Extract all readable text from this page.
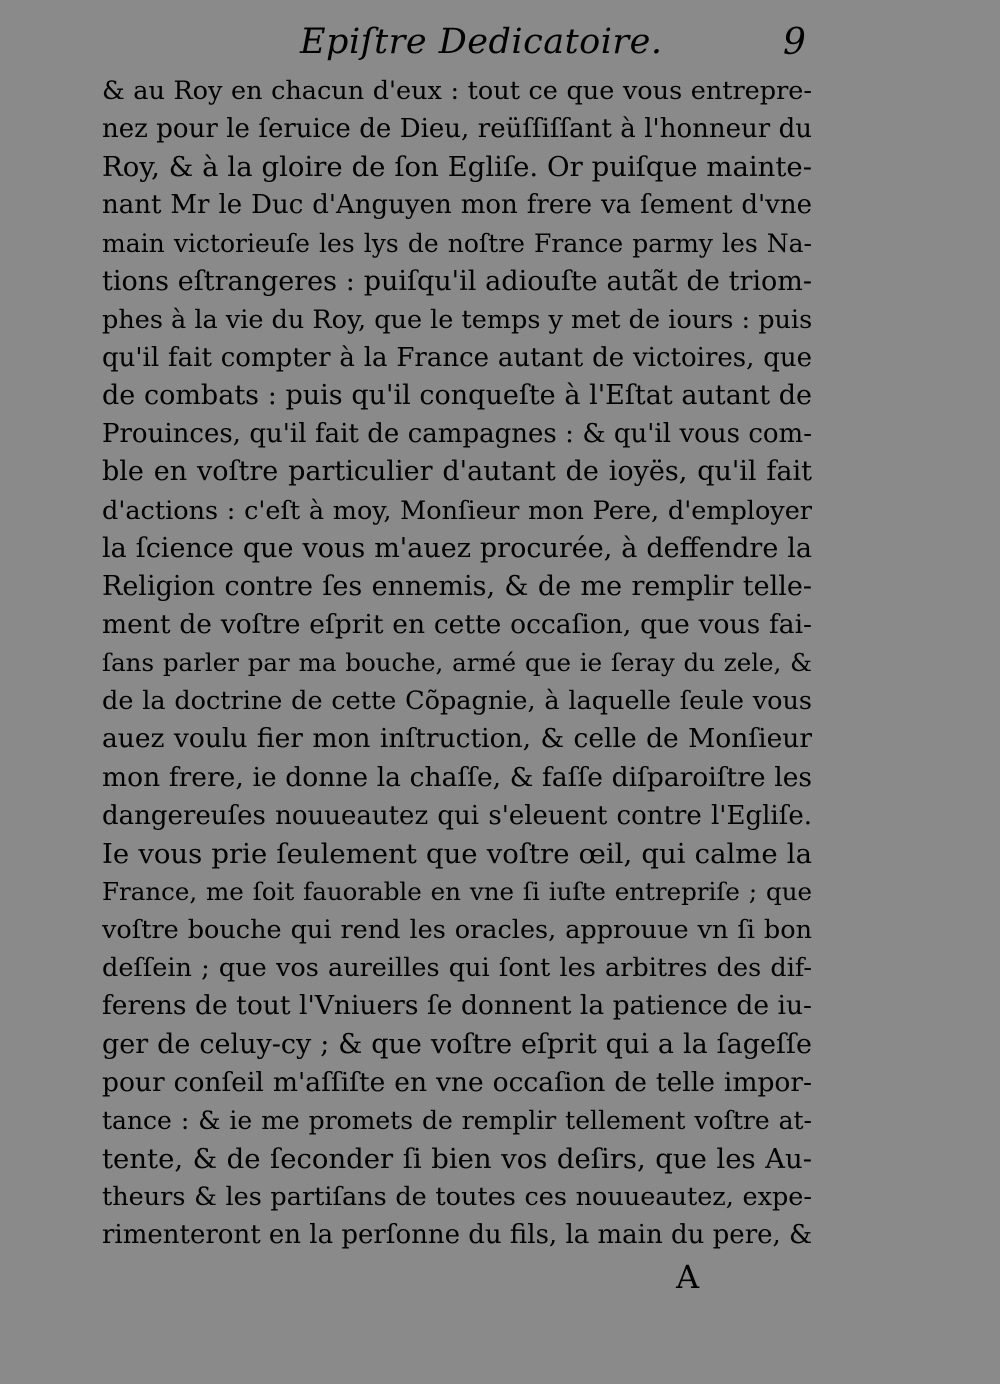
Epiſtre Dedicatoire.	9
& au Roy en chacun d'eux : tout ce que vous entrepre-
nez pour le ſeruice de Dieu, reüſſiſſant à l'honneur du
Roy, & à la gloire de ſon Egliſe. Or puiſque mainte-
nant Mr le Duc d'Anguyen mon frere va ſement d'vne
main victorieuſe les lys de noſtre France parmy les Na-
tions eſtrangeres : puiſqu'il adiouſte autãt de triom-
phes à la vie du Roy, que le temps y met de iours : puis
qu'il fait compter à la France autant de victoires, que
de combats : puis qu'il conqueſte à l'Eſtat autant de
Prouinces, qu'il fait de campagnes : & qu'il vous com-
ble en voſtre particulier d'autant de ioyës, qu'il fait
d'actions : c'eſt à moy, Monſieur mon Pere, d'employer
la ſcience que vous m'auez procurée, à deffendre la
Religion contre ſes ennemis, & de me remplir telle-
ment de voſtre eſprit en cette occaſion, que vous fai-
ſans parler par ma bouche, armé que ie ſeray du zele, &
de la doctrine de cette Cõpagnie, à laquelle ſeule vous
auez voulu fier mon inſtruction, & celle de Monſieur
mon frere, ie donne la chaſſe, & faſſe diſparoiſtre les
dangereuſes nouueautez qui s'eleuent contre l'Egliſe.
Ie vous prie ſeulement que voſtre œil, qui calme la
France, me ſoit fauorable en vne ſi iuſte entrepriſe ; que
voſtre bouche qui rend les oracles, approuue vn ſi bon
deſſein ; que vos aureilles qui ſont les arbitres des dif-
ferens de tout l'Vniuers ſe donnent la patience de iu-
ger de celuy-cy ; & que voſtre eſprit qui a la ſageſſe
pour conſeil m'aſſiſte en vne occaſion de telle impor-
tance : & ie me promets de remplir tellement voſtre at-
tente, & de ſeconder ſi bien vos deſirs, que les Au-
theurs & les partiſans de toutes ces nouueautez, expe-
rimenteront en la perſonne du fils, la main du pere, &
A
